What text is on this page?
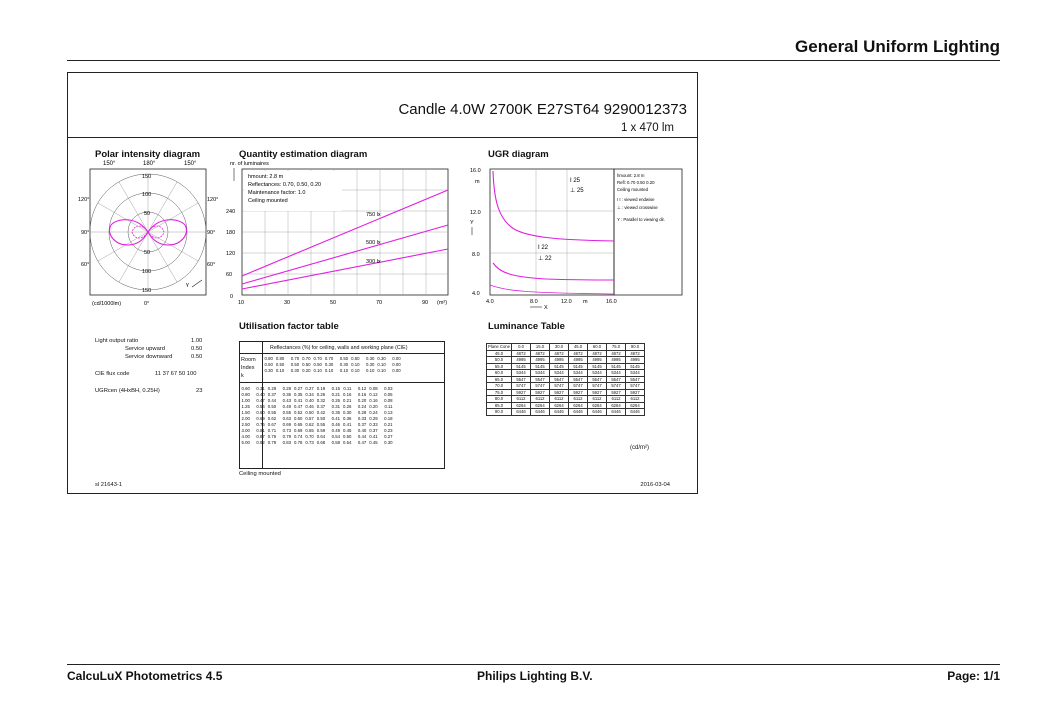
General Uniform Lighting
Candle 4.0W 2700K E27ST64 9290012373
1 x 470 lm
Polar intensity diagram
150°	180°	150°
150
100
50
50
100
150
120°
90°
60°
120°
90°
60°
γ
(cd/1000lm)	0°
Quantity estimation diagram
nr. of luminaires
hmount: 2.8 m
Reflectances: 0.70, 0.50, 0.20
Maintenance factor: 1.0
Ceiling mounted
750 lx
500 lx
300 lx
0
60
120
180
240
10	30	50	70	90 (m²)
UGR diagram
I 25
⊥ 25
I 22
⊥ 22
16.0
m
12.0
Y
8.0
4.0
4.0	8.0	12.0 m	16.0
X
hmount: 2.8 m
Refl: 0.70 0.50 0.20
Ceiling mounted
I I : viewed endwise
⊥ : viewed crosswise
Y : Parallel to viewing dir.
Light output ratio	1.00
Service upward	0.50
Service downward	0.50
CIE flux code	11 37 67 50 100
UGRcen (4HxBH, 0.25H)	23
Utilisation factor table
Reflectances (%) for ceiling, walls and working plane (CIE)
Room
Index
k
0.80	0.80	0.70	0.70	0.70	0.70	0.50	0.50	0.30	0.30	0.00
0.50	0.50	0.50	0.50	0.50	0.30	0.30	0.10	0.30	0.10	0.00
0.30	0.10	0.30	0.20	0.10	0.10	0.10	0.10	0.10	0.10	0.00
0.60	0.31	0.29	0.28	0.27	0.27	0.19	0.15	0.11	0.12	0.08	0.03
0.80	0.40	0.37	0.36	0.35	0.34	0.26	0.21	0.16	0.16	0.12	0.05
1.00	0.47	0.44	0.43	0.41	0.40	0.32	0.26	0.21	0.20	0.16	0.08
1.25	0.54	0.50	0.49	0.47	0.46	0.37	0.31	0.26	0.24	0.20	0.11
1.50	0.60	0.55	0.55	0.52	0.50	0.42	0.35	0.30	0.28	0.24	0.13
2.00	0.69	0.62	0.63	0.60	0.57	0.50	0.41	0.36	0.33	0.29	0.18
2.50	0.76	0.67	0.69	0.65	0.62	0.55	0.46	0.41	0.37	0.33	0.21
3.00	0.81	0.71	0.73	0.69	0.65	0.59	0.49	0.45	0.40	0.37	0.23
4.00	0.87	0.76	0.79	0.74	0.70	0.64	0.54	0.50	0.44	0.41	0.27
5.00	0.92	0.79	0.83	0.78	0.73	0.68	0.58	0.54	0.47	0.45	0.30
Ceiling mounted
Luminance Table
Plane Cone	0.0	15.0	30.0	45.0	60.0	75.0	90.0
45.0	4872	4872	4872	4872	4872	4872	4872
50.0	4995	4995	4995	4995	4995	4995	4995
55.0	5145	5145	5145	5145	5145	5145	5145
60.0	5344	5344	5344	5344	5344	5344	5344
65.0	5547	5547	5547	5547	5547	5547	5547
70.0	5747	5747	5747	5747	5747	5747	5747
75.0	5927	5927	5927	5927	5927	5927	5927
80.0	6112	6112	6112	6112	6112	6112	6112
85.0	6264	6264	6264	6264	6264	6264	6264
90.0	6446	6446	6446	6446	6446	6446	6446
(cd/m²)
sl 21643-1	2016-03-04
CalcuLuX Photometrics 4.5	Philips Lighting B.V.	Page: 1/1
